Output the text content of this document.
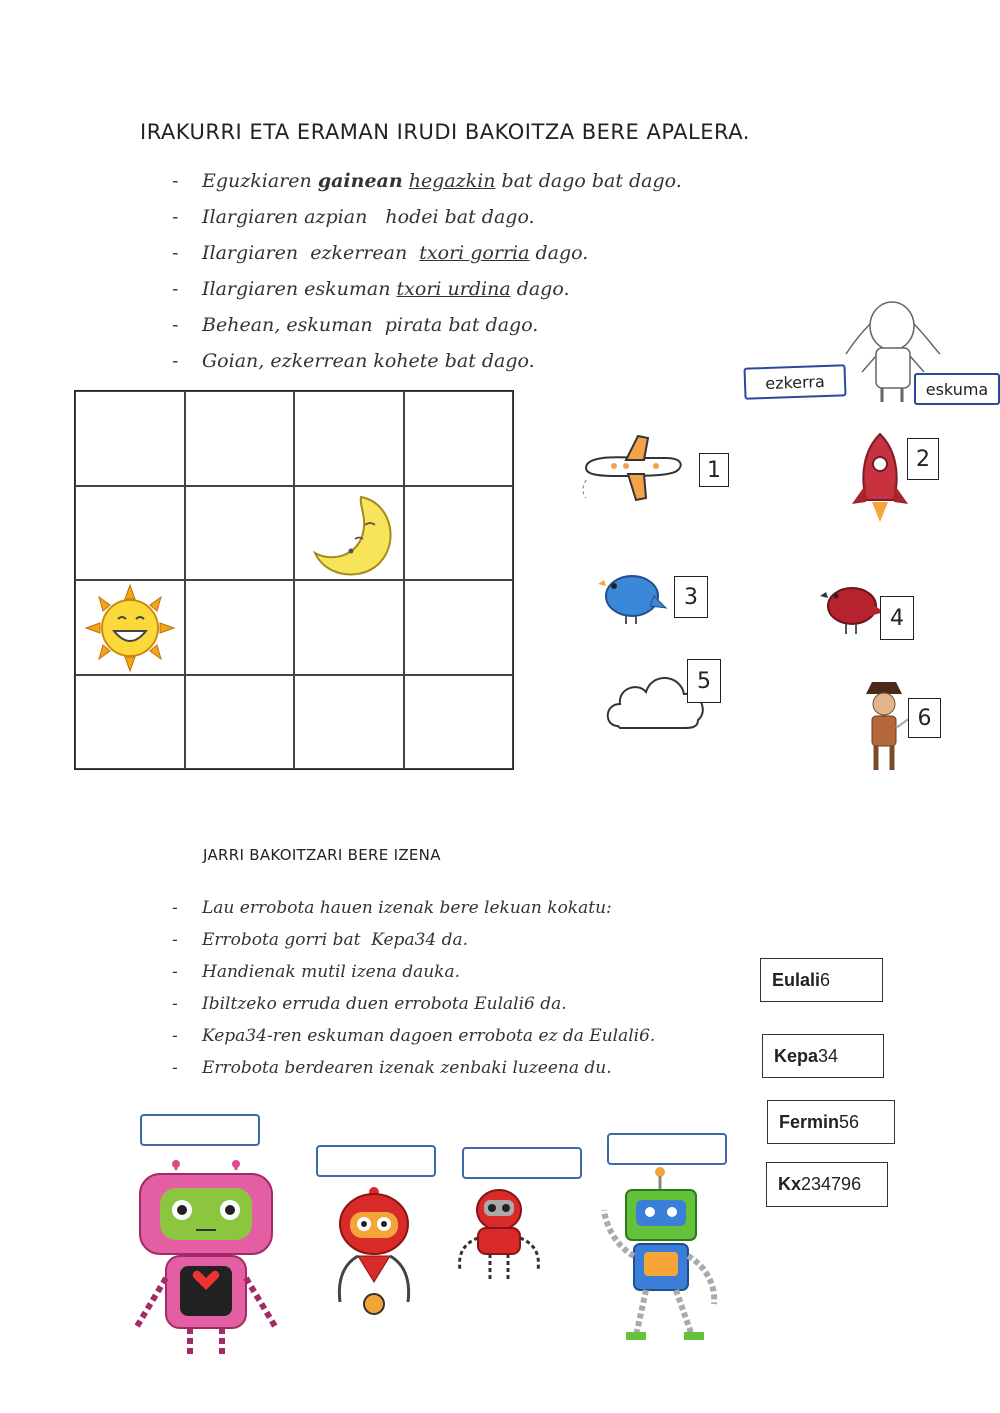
IRAKURRI ETA ERAMAN IRUDI BAKOITZA BERE APALERA.
- Eguzkiaren gainean hegazkin bat dago bat dago.
- Ilargiaren azpian   hodei bat dago.
- Ilargiaren  ezkerrean  txori gorria dago.
- Ilargiaren eskuman txori urdina dago.
- Behean, eskuman  pirata bat dago.
- Goian, ezkerrean kohete bat dago.
ezkerra	eskuma
1	2
3
4
5
6
JARRI BAKOITZARI BERE IZENA
- Lau errobota hauen izenak bere lekuan kokatu:
- Errobota gorri bat  Kepa34 da.
- Handienak mutil izena dauka.
- Ibiltzeko erruda duen errobota Eulali6 da.
- Kepa34-ren eskuman dagoen errobota ez da Eulali6.
- Errobota berdearen izenak zenbaki luzeena du.
Eulali 6
Kepa 34
Fermin 56
Kx 234796
